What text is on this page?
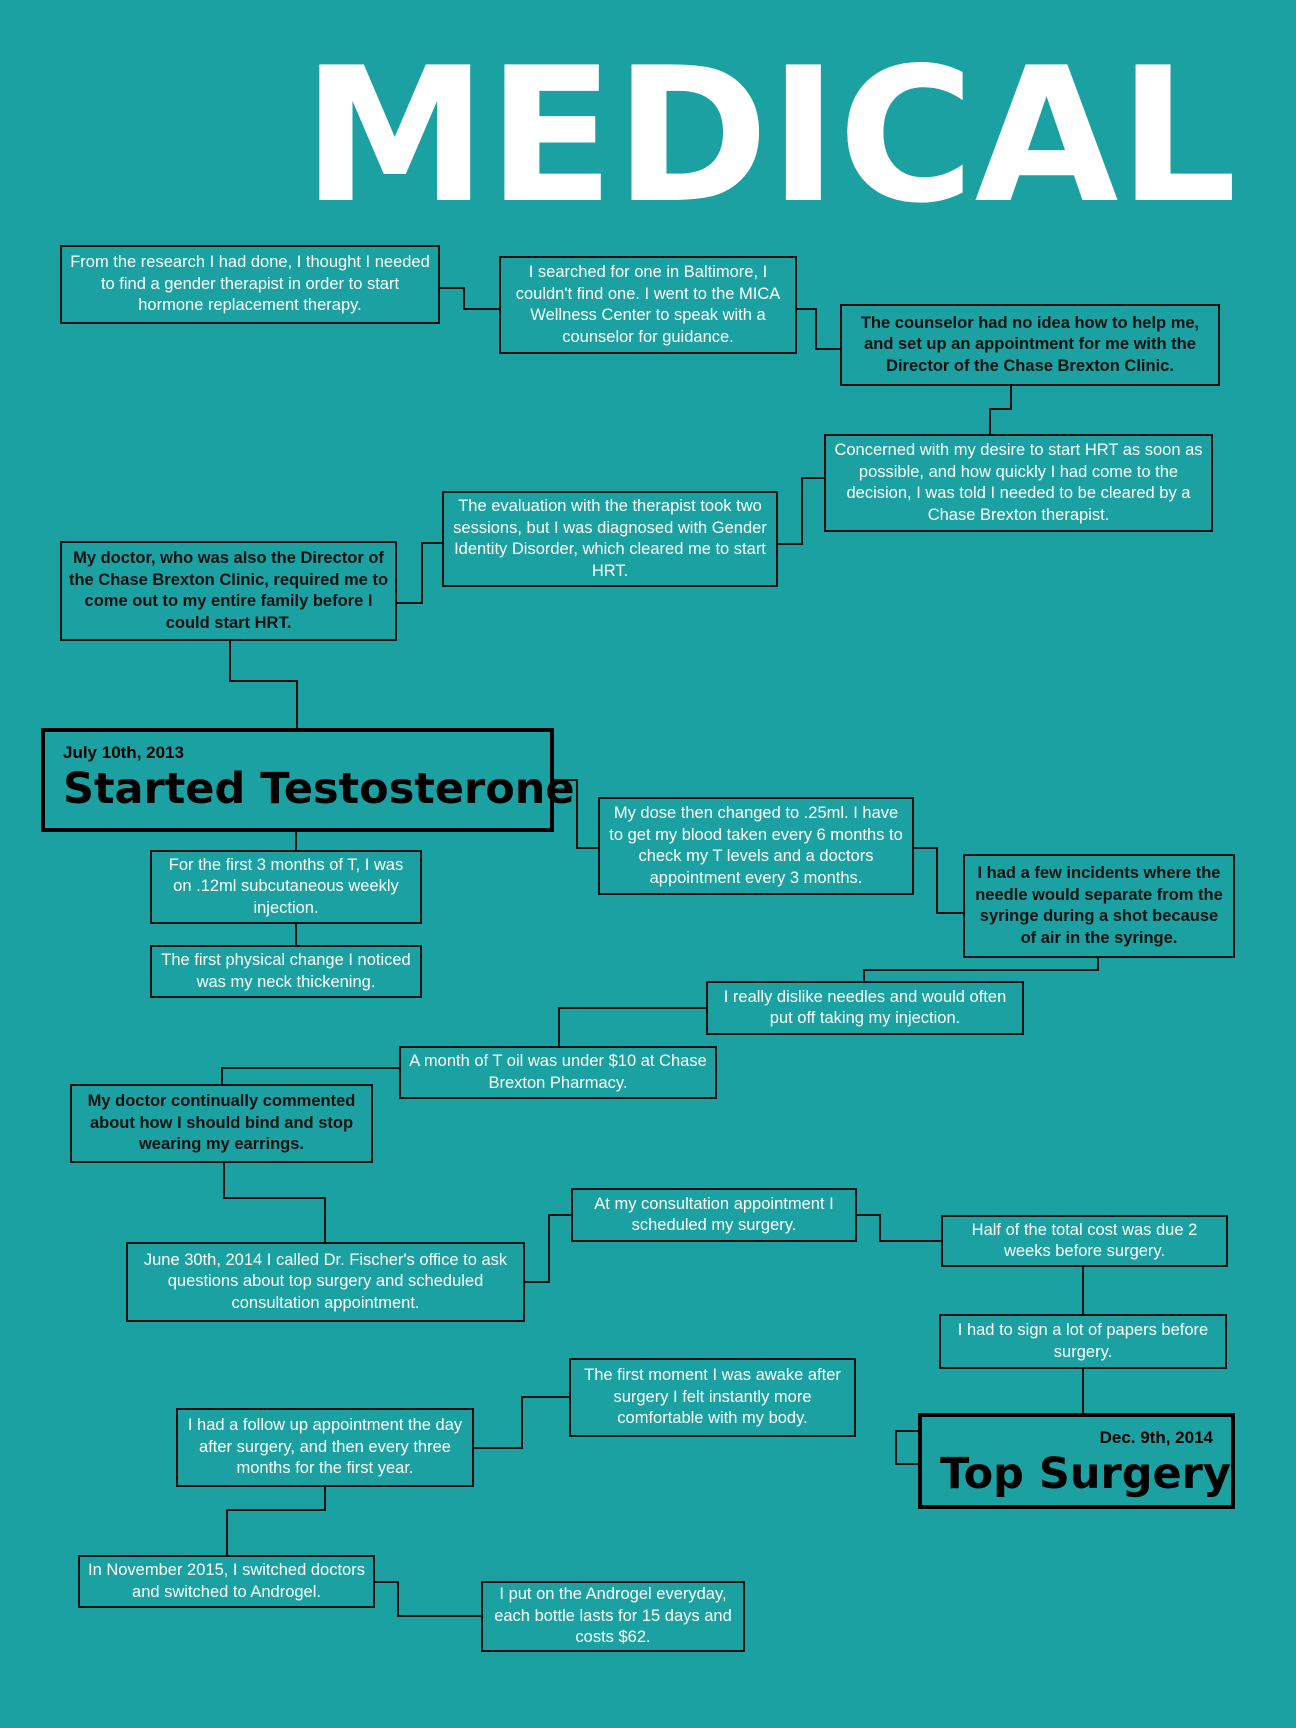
MEDICAL
From the research I had done, I thought I needed to find a gender therapist in order to start hormone replacement therapy.
I searched for one in Baltimore, I couldn't find one. I went to the MICA Wellness Center to speak with a counselor for guidance.
The counselor had no idea how to help me, and set up an appointment for me with the Director of the Chase Brexton Clinic.
Concerned with my desire to start HRT as soon as possible, and how quickly I had come to the decision, I was told I needed to be cleared by a Chase Brexton therapist.
The evaluation with the therapist took two sessions, but I was diagnosed with Gender Identity Disorder, which cleared me to start HRT.
My doctor, who was also the Director of the Chase Brexton Clinic, required me to come out to my entire family before I could start HRT.
July 10th, 2013
Started Testosterone
For the first 3 months of T, I was on .12ml subcutaneous weekly injection.
The first physical change I noticed was my neck thickening.
My dose then changed to .25ml. I have to get my blood taken every 6 months to check my T levels and a doctors appointment every 3 months.	I had a few incidents where the needle would separate from the syringe during a shot because of air in the syringe.
I really dislike needles and would often put off taking my injection.
A month of T oil was under $10 at Chase Brexton Pharmacy.
My doctor continually commented about how I should bind and stop wearing my earrings.
June 30th, 2014 I called Dr. Fischer's office to ask questions about top surgery and scheduled consultation appointment.
At my consultation appointment I scheduled my surgery.	Half of the total cost was due 2 weeks before surgery.
I had to sign a lot of papers before surgery.
Dec. 9th, 2014
Top Surgery
The first moment I was awake after surgery I felt instantly more comfortable with my body.
I had a follow up appointment the day after surgery, and then every three months for the first year.
In November 2015, I switched doctors and switched to Androgel.	I put on the Androgel everyday, each bottle lasts for 15 days and costs $62.
